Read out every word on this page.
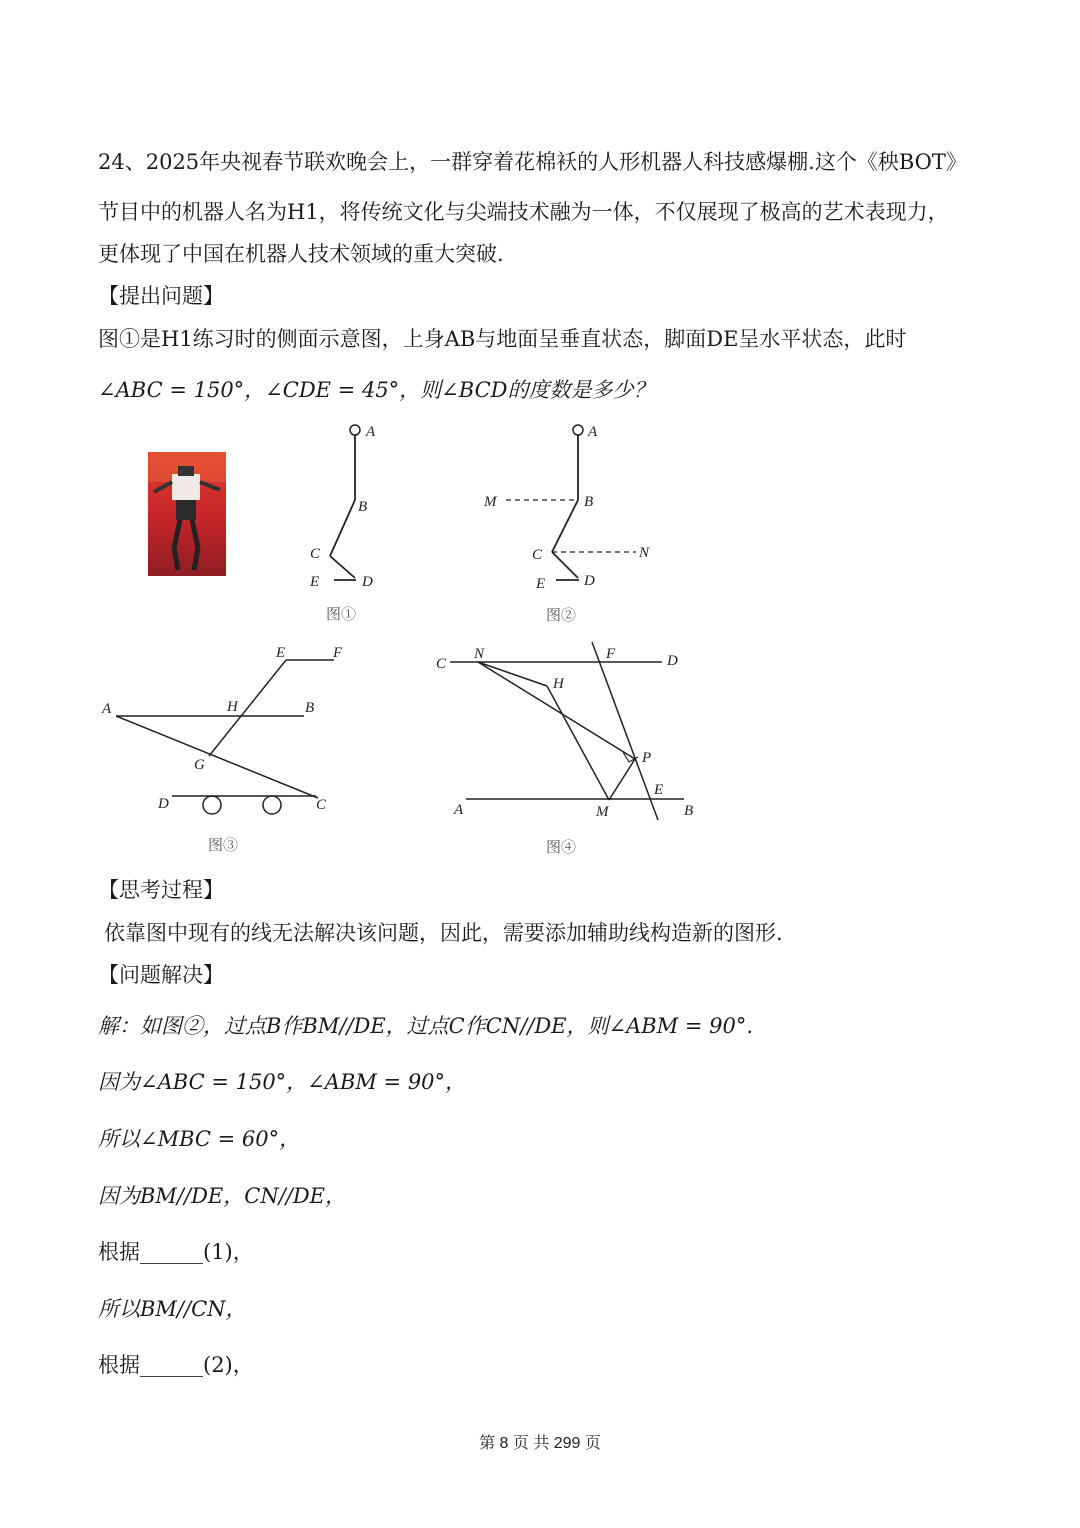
24、2025年央视春节联欢晚会上，一群穿着花棉袄的人形机器人科技感爆棚.这个《秧BOT》
节目中的机器人名为H1，将传统文化与尖端技术融为一体，不仅展现了极高的艺术表现力，
更体现了中国在机器人技术领域的重大突破.
【提出问题】
图①是H1练习时的侧面示意图，上身AB与地面呈垂直状态，脚面DE呈水平状态，此时
∠ABC = 150°，∠CDE = 45°，则∠BCD的度数是多少？
A
B
C
E	D
图①
A
M	B
C	N
E	D
图②
E	F
A	H	B
G
D	C
图③
C
N	F	D
H
P
E
A	M	B
图④
【思考过程】
依靠图中现有的线无法解决该问题，因此，需要添加辅助线构造新的图形.
【问题解决】
解：如图②，过点B作BM//DE，过点C作CN//DE，则∠ABM = 90°.
因为∠ABC = 150°，∠ABM = 90°，
所以∠MBC = 60°，
因为BM//DE，CN//DE，
根据______(1)，
所以BM//CN，
根据______(2)，
第 8 页 共 299 页
